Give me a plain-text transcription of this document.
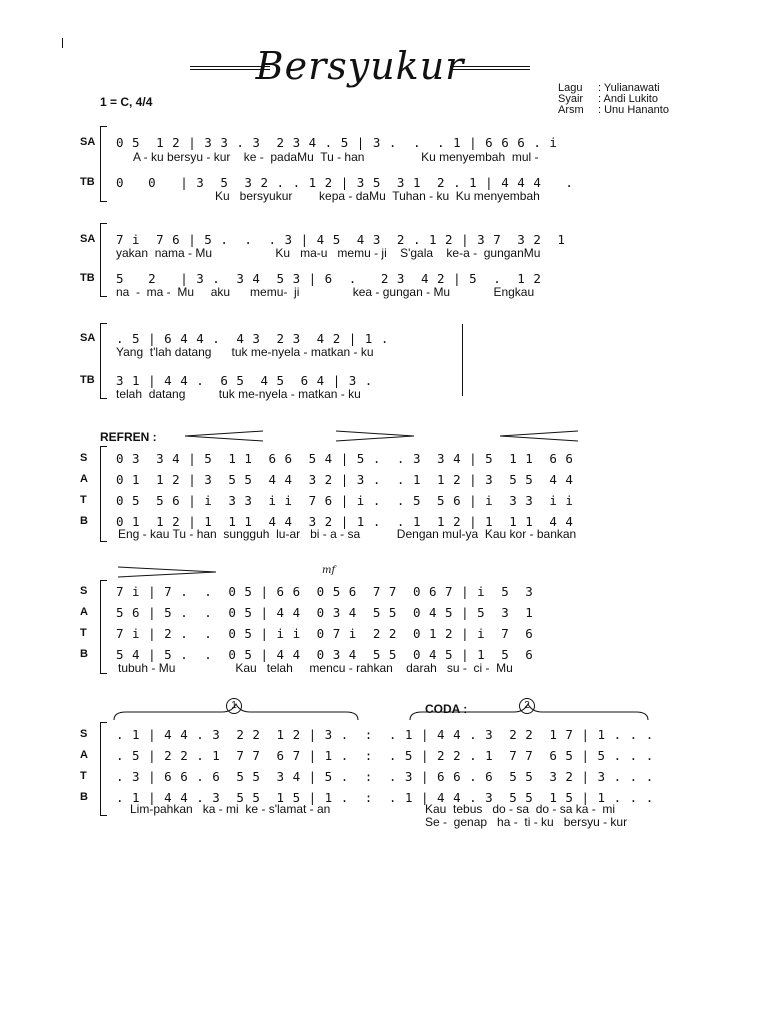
Bersyukur	Lagu : Yulianawati
Syair : Andi Lukito
Arsm : Unu Hananto
1 = C, 4/4
SA
TB
0 5  1 2 | 3 3 . 3  2 3 4 . 5 | 3 .  .  . 1 | 6 6 6 . i
A - ku bersyu - kur    ke -  padaMu  Tu - han                 Ku menyembah  mul -
0   0   | 3  5  3 2 . . 1 2 | 3 5  3 1  2 . 1 | 4 4 4   .
Ku   bersyukur        kepa - daMu  Tuhan - ku  Ku menyembah
SA
TB
7 i  7 6 | 5 .  .  . 3 | 4 5  4 3  2 . 1 2 | 3 7  3 2  1
yakan  nama - Mu                   Ku   ma-u   memu - ji    S'gala    ke-a -  gunganMu
5   2   | 3 .  3 4  5 3 | 6  .   2 3  4 2 | 5  .  1 2
na  -  ma -  Mu     aku      memu-  ji                kea - gungan - Mu             Engkau
SA
TB
. 5 | 6 4 4 .  4 3  2 3  4 2 | 1 .
Yang  t'lah datang      tuk me-nyela - matkan - ku
3 1 | 4 4 .  6 5  4 5  6 4 | 3 .
telah  datang          tuk me-nyela - matkan - ku
REFREN :
S
A
T
B
0 3  3 4 | 5  1 1  6 6  5 4 | 5 .  . 3  3 4 | 5  1 1  6 6
0 1  1 2 | 3  5 5  4 4  3 2 | 3 .  . 1  1 2 | 3  5 5  4 4
0 5  5 6 | i  3 3  i i  7 6 | i .  . 5  5 6 | i  3 3  i i
0 1  1 2 | 1  1 1  4 4  3 2 | 1 .  . 1  1 2 | 1  1 1  4 4
Eng - kau Tu - han  sungguh  lu-ar   bi - a - sa           Dengan mul-ya  Kau kor - bankan
mf
S
A
T
B
7 i | 7 .  .  0 5 | 6 6  0 5 6  7 7  0 6 7 | i  5  3
5 6 | 5 .  .  0 5 | 4 4  0 3 4  5 5  0 4 5 | 5  3  1
7 i | 2 .  .  0 5 | i i  0 7 i  2 2  0 1 2 | i  7  6
5 4 | 5 .  .  0 5 | 4 4  0 3 4  5 5  0 4 5 | 1  5  6
tubuh - Mu                  Kau   telah     mencu - rahkan    darah   su -  ci -  Mu
1	CODA :	2
S
A
T
B
. 1 | 4 4 . 3  2 2  1 2 | 3 .  :  . 1 | 4 4 . 3  2 2  1 7 | 1 . . .
. 5 | 2 2 . 1  7 7  6 7 | 1 .  :  . 5 | 2 2 . 1  7 7  6 5 | 5 . . .
. 3 | 6 6 . 6  5 5  3 4 | 5 .  :  . 3 | 6 6 . 6  5 5  3 2 | 3 . . .
. 1 | 4 4 . 3  5 5  1 5 | 1 .  :  . 1 | 4 4 . 3  5 5  1 5 | 1 . . .
Lim-pahkan   ka - mi  ke - s'lamat - an	Kau  tebus   do - sa  do - sa ka -  mi
Se -  genap   ha -  ti - ku   bersyu - kur
